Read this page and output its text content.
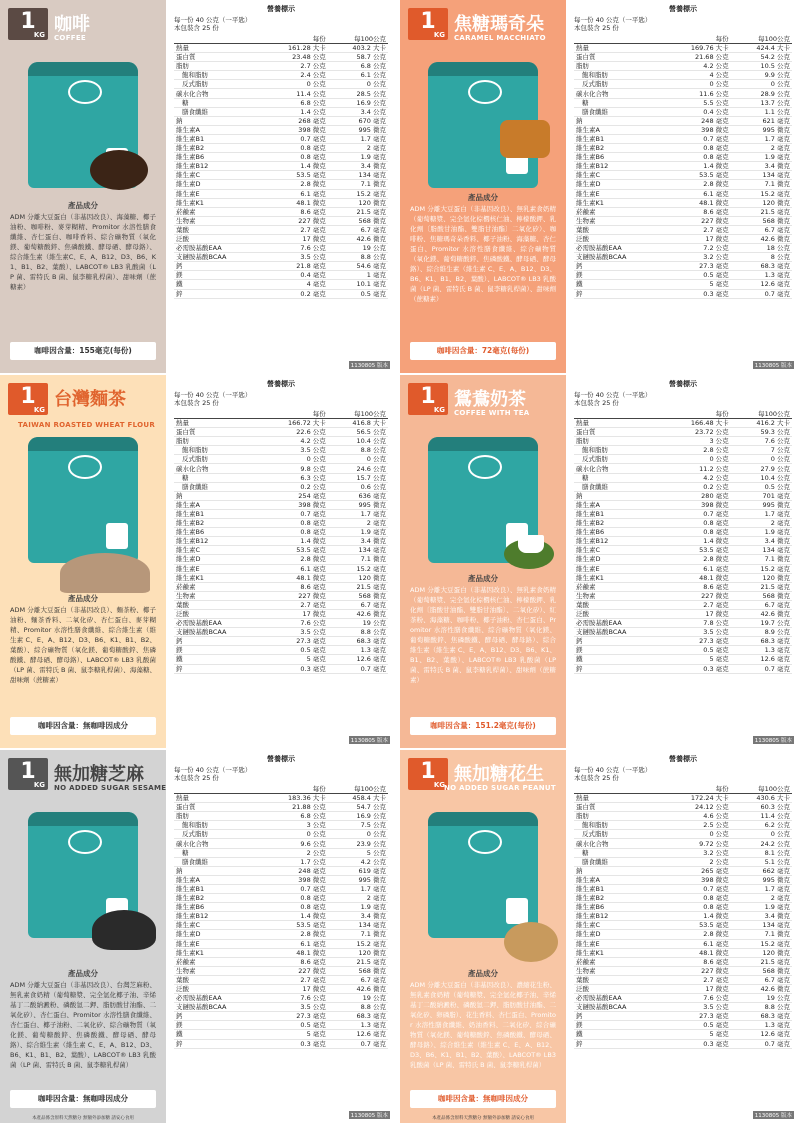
1
KG 咖啡
COFFEE
產品成分
ADM 分離大豆蛋白（非基因改良）、海藻糖、椰子油粉、咖啡粉、麥芽糊精、Promitor 水溶性膳食纖維、杏仁蛋白、咖啡香料、綜合礦物質（氧化鎂、葡萄糖酸鋅、焦磷酸鐵、酵母硒、酵母鉻）、綜合維生素（維生素C、E、A、B12、D3、B6、K1、B1、B2、葉酸）、LABCOT® LB3 乳酸菌（LP 菌、雷特氏 B 菌、鼠李糖乳桿菌）、甜味劑（蔗糖素）
咖啡因含量：155毫克(每份)
營養標示
每一份 40 公克（一平匙）
本包裝含 25 份
	每份	每100公克
熱量	161.28 大卡	403.2 大卡
蛋白質	23.48 公克	58.7 公克
脂肪	2.7 公克	6.8 公克
飽和脂肪	2.4 公克	6.1 公克
反式脂肪	0 公克	0 公克
碳水化合物	11.4 公克	28.5 公克
糖	6.8 公克	16.9 公克
膳食纖維	1.4 公克	3.4 公克
鈉	268 毫克	670 毫克
維生素A	398 微克	995 微克
維生素B1	0.7 毫克	1.7 毫克
維生素B2	0.8 毫克	2 毫克
維生素B6	0.8 毫克	1.9 毫克
維生素B12	1.4 微克	3.4 微克
維生素C	53.5 毫克	134 毫克
維生素D	2.8 微克	7.1 微克
維生素E	6.1 毫克	15.2 毫克
維生素K1	48.1 微克	120 微克
菸鹼素	8.6 毫克	21.5 毫克
生物素	227 微克	568 微克
葉酸	2.7 毫克	6.7 毫克
泛酸	17 微克	42.6 微克
必需胺基酸EAA	7.6 公克	19 公克
支鏈胺基酸BCAA	3.5 公克	8.8 公克
鈣	21.8 毫克	54.6 毫克
鎂	0.4 毫克	1 毫克
鐵	4 毫克	10.1 毫克
鋅	0.2 毫克	0.5 毫克
1130805 版本
1
KG 焦糖瑪奇朵
CARAMEL MACCHIATO
產品成分
ADM 分離大豆蛋白（非基因改良）、無乳素食奶精（葡萄糖漿、完全氫化棕櫚核仁油、檸檬酸鉀、乳化劑〔脂酸甘油酯、雙脂甘油酯〕二氧化矽）、咖啡粉、焦糖瑪奇朵香料、椰子油粉、海藻糖、杏仁蛋白、Promitor 水溶性膳食纖維、綜合礦物質（氧化鎂、葡萄糖酸鋅、焦磷酸鐵、酵母硒、酵母鉻）、綜合維生素（維生素 C、E、A、B12、D3、B6、K1、B1、B2、葉酸）、LABCOT® LB3 乳酸菌（LP 菌、雷特氏 B 菌、鼠李糖乳桿菌）、甜味劑（蔗糖素）
咖啡因含量：72毫克(每份)
營養標示
每一份 40 公克（一平匙）
本包裝含 25 份
	每份	每100公克
熱量	169.76 大卡	424.4 大卡
蛋白質	21.68 公克	54.2 公克
脂肪	4.2 公克	10.5 公克
飽和脂肪	4 公克	9.9 公克
反式脂肪	0 公克	0 公克
碳水化合物	11.6 公克	28.9 公克
糖	5.5 公克	13.7 公克
膳食纖維	0.4 公克	1.1 公克
鈉	248 毫克	621 毫克
維生素A	398 微克	995 微克
維生素B1	0.7 毫克	1.7 毫克
維生素B2	0.8 毫克	2 毫克
維生素B6	0.8 毫克	1.9 毫克
維生素B12	1.4 微克	3.4 微克
維生素C	53.5 毫克	134 毫克
維生素D	2.8 微克	7.1 微克
維生素E	6.1 毫克	15.2 毫克
維生素K1	48.1 微克	120 微克
菸鹼素	8.6 毫克	21.5 毫克
生物素	227 微克	568 微克
葉酸	2.7 毫克	6.7 毫克
泛酸	17 微克	42.6 微克
必需胺基酸EAA	7.2 公克	18 公克
支鏈胺基酸BCAA	3.2 公克	8 公克
鈣	27.3 毫克	68.3 毫克
鎂	0.5 毫克	1.3 毫克
鐵	5 毫克	12.6 毫克
鋅	0.3 毫克	0.7 毫克
1130805 版本
1
KG 台灣麵茶
TAIWAN ROASTED WHEAT FLOUR
產品成分
ADM 分離大豆蛋白（非基因改良）、麵茶粉、椰子油粉、麵茶香料、二氧化矽、杏仁蛋白、麥芽糊精、Promitor 水溶性膳食纖維、綜合維生素（維生素 C、E、A、B12、D3、B6、K1、B1、B2、葉酸）、綜合礦物質（氧化鎂、葡萄糖酸鋅、焦磷酸鐵、酵母硒、酵母鉻）、LABCOT® LB3 乳酸菌（LP 菌、雷特氏 B 菌、鼠李糖乳桿菌）、海藻糖、甜味劑（蔗糖素）
咖啡因含量：無咖啡因成分
營養標示
每一份 40 公克（一平匙）
本包裝含 25 份
	每份	每100公克
熱量	166.72 大卡	416.8 大卡
蛋白質	22.6 公克	56.5 公克
脂肪	4.2 公克	10.4 公克
飽和脂肪	3.5 公克	8.8 公克
反式脂肪	0 公克	0 公克
碳水化合物	9.8 公克	24.6 公克
糖	6.3 公克	15.7 公克
膳食纖維	0.2 公克	0.6 公克
鈉	254 毫克	636 毫克
維生素A	398 微克	995 微克
維生素B1	0.7 毫克	1.7 毫克
維生素B2	0.8 毫克	2 毫克
維生素B6	0.8 毫克	1.9 毫克
維生素B12	1.4 微克	3.4 微克
維生素C	53.5 毫克	134 毫克
維生素D	2.8 微克	7.1 微克
維生素E	6.1 毫克	15.2 毫克
維生素K1	48.1 微克	120 微克
菸鹼素	8.6 毫克	21.5 毫克
生物素	227 微克	568 微克
葉酸	2.7 毫克	6.7 毫克
泛酸	17 微克	42.6 微克
必需胺基酸EAA	7.6 公克	19 公克
支鏈胺基酸BCAA	3.5 公克	8.8 公克
鈣	27.3 毫克	68.3 毫克
鎂	0.5 毫克	1.3 毫克
鐵	5 毫克	12.6 毫克
鋅	0.3 毫克	0.7 毫克
1130805 版本
1
KG 鴛鴦奶茶
COFFEE WITH TEA
產品成分
ADM 分離大豆蛋白（非基因改良）、無乳素食奶精（葡萄糖漿、完全氫化棕櫚核仁油、檸檬酸鉀、乳化劑〔脂酸甘油酯、雙脂甘油酯〕、二氧化矽）、紅茶粉、海藻糖、咖啡粉、椰子油粉、杏仁蛋白、Promitor 水溶性膳食纖維、綜合礦物質（氧化鎂、葡萄糖酸鋅、焦磷酸鐵、酵母硒、酵母鉻）、綜合維生素（維生素 C、E、A、B12、D3、B6、K1、B1、B2、葉酸）、LABCOT® LB3 乳酸菌（LP 菌、雷特氏 B 菌、鼠李糖乳桿菌）、甜味劑（蔗糖素）
咖啡因含量：151.2毫克(每份)
營養標示
每一份 40 公克（一平匙）
本包裝含 25 份
	每份	每100公克
熱量	166.48 大卡	416.2 大卡
蛋白質	23.72 公克	59.3 公克
脂肪	3 公克	7.6 公克
飽和脂肪	2.8 公克	7 公克
反式脂肪	0 公克	0 公克
碳水化合物	11.2 公克	27.9 公克
糖	4.2 公克	10.4 公克
膳食纖維	0.2 公克	0.5 公克
鈉	280 毫克	701 毫克
維生素A	398 微克	995 微克
維生素B1	0.7 毫克	1.7 毫克
維生素B2	0.8 毫克	2 毫克
維生素B6	0.8 毫克	1.9 毫克
維生素B12	1.4 微克	3.4 微克
維生素C	53.5 毫克	134 毫克
維生素D	2.8 微克	7.1 微克
維生素E	6.1 毫克	15.2 毫克
維生素K1	48.1 微克	120 微克
菸鹼素	8.6 毫克	21.5 毫克
生物素	227 微克	568 微克
葉酸	2.7 毫克	6.7 毫克
泛酸	17 微克	42.6 微克
必需胺基酸EAA	7.8 公克	19.7 公克
支鏈胺基酸BCAA	3.5 公克	8.9 公克
鈣	27.3 毫克	68.3 毫克
鎂	0.5 毫克	1.3 毫克
鐵	5 毫克	12.6 毫克
鋅	0.3 毫克	0.7 毫克
1130805 版本
1
KG 無加糖芝麻
NO ADDED SUGAR SESAME
產品成分
ADM 分離大豆蛋白（非基因改良）、台灣芝麻粉、無乳素食奶精（葡萄糖漿、完全氫化椰子油、辛烯基丁二酸納澱粉、磷酸氫二鉀、脂肪酸甘油酯、二氧化矽）、杏仁蛋白、Promitor 水溶性膳食纖維、杏仁蛋白、椰子油粉、二氧化矽、綜合礦物質（氧化鎂、葡萄糖酸鋅、焦磷酸鐵、酵母硒、酵母鉻）、綜合維生素（維生素 C、E、A、B12、D3、B6、K1、B1、B2、葉酸）、LABCOT® LB3 乳酸菌（LP 菌、雷特氏 B 菌、鼠李糖乳桿菌）
咖啡因含量：無咖啡因成分
本產品係含原料天然糖分 無額外添加糖 請安心食用
營養標示
每一份 40 公克（一平匙）
本包裝含 25 份
	每份	每100公克
熱量	183.36 大卡	458.4 大卡
蛋白質	21.88 公克	54.7 公克
脂肪	6.8 公克	16.9 公克
飽和脂肪	3 公克	7.5 公克
反式脂肪	0 公克	0 公克
碳水化合物	9.6 公克	23.9 公克
糖	2 公克	5 公克
膳食纖維	1.7 公克	4.2 公克
鈉	248 毫克	619 毫克
維生素A	398 微克	995 微克
維生素B1	0.7 毫克	1.7 毫克
維生素B2	0.8 毫克	2 毫克
維生素B6	0.8 毫克	1.9 毫克
維生素B12	1.4 微克	3.4 微克
維生素C	53.5 毫克	134 毫克
維生素D	2.8 微克	7.1 微克
維生素E	6.1 毫克	15.2 毫克
維生素K1	48.1 微克	120 微克
菸鹼素	8.6 毫克	21.5 毫克
生物素	227 微克	568 微克
葉酸	2.7 毫克	6.7 毫克
泛酸	17 微克	42.6 微克
必需胺基酸EAA	7.6 公克	19 公克
支鏈胺基酸BCAA	3.5 公克	8.8 公克
鈣	27.3 毫克	68.3 毫克
鎂	0.5 毫克	1.3 毫克
鐵	5 毫克	12.6 毫克
鋅	0.3 毫克	0.7 毫克
1130805 版本
1
KG 無加糖花生
NO ADDED SUGAR PEANUT
產品成分
ADM 分離大豆蛋白（非基因改良）、濃縮花生粉、無乳素食奶精（葡萄糖漿、完全氫化椰子油、辛烯基丁二酸納澱粉、磷酸氫二鉀、脂肪酸甘油酯、二氧化矽、卵磷脂）、花生香料、杏仁蛋白、Promitor 水溶性膳食纖維、奶油香料、二氧化矽、綜合礦物質（氧化鎂、葡萄糖酸鋅、焦磷酸鐵、酵母硒、酵母鉻）、綜合維生素（維生素 C、E、A、B12、D3、B6、K1、B1、B2、葉酸）、LABCOT® LB3 乳酸菌（LP 菌、雷特氏 B 菌、鼠李糖乳桿菌）
咖啡因含量：無咖啡因成分
本產品係含原料天然糖分 無額外添加糖 請安心食用
營養標示
每一份 40 公克（一平匙）
本包裝含 25 份
	每份	每100公克
熱量	172.24 大卡	430.6 大卡
蛋白質	24.12 公克	60.3 公克
脂肪	4.6 公克	11.4 公克
飽和脂肪	2.5 公克	6.2 公克
反式脂肪	0 公克	0 公克
碳水化合物	9.72 公克	24.2 公克
糖	3.2 公克	8.1 公克
膳食纖維	2 公克	5.1 公克
鈉	265 毫克	662 毫克
維生素A	398 微克	995 微克
維生素B1	0.7 毫克	1.7 毫克
維生素B2	0.8 毫克	2 毫克
維生素B6	0.8 毫克	1.9 毫克
維生素B12	1.4 微克	3.4 微克
維生素C	53.5 毫克	134 毫克
維生素D	2.8 微克	7.1 微克
維生素E	6.1 毫克	15.2 毫克
維生素K1	48.1 微克	120 微克
菸鹼素	8.6 毫克	21.5 毫克
生物素	227 微克	568 微克
葉酸	2.7 毫克	6.7 毫克
泛酸	17 微克	42.6 微克
必需胺基酸EAA	7.6 公克	19 公克
支鏈胺基酸BCAA	3.5 公克	8.8 公克
鈣	27.3 毫克	68.3 毫克
鎂	0.5 毫克	1.3 毫克
鐵	5 毫克	12.6 毫克
鋅	0.3 毫克	0.7 毫克
1130805 版本
